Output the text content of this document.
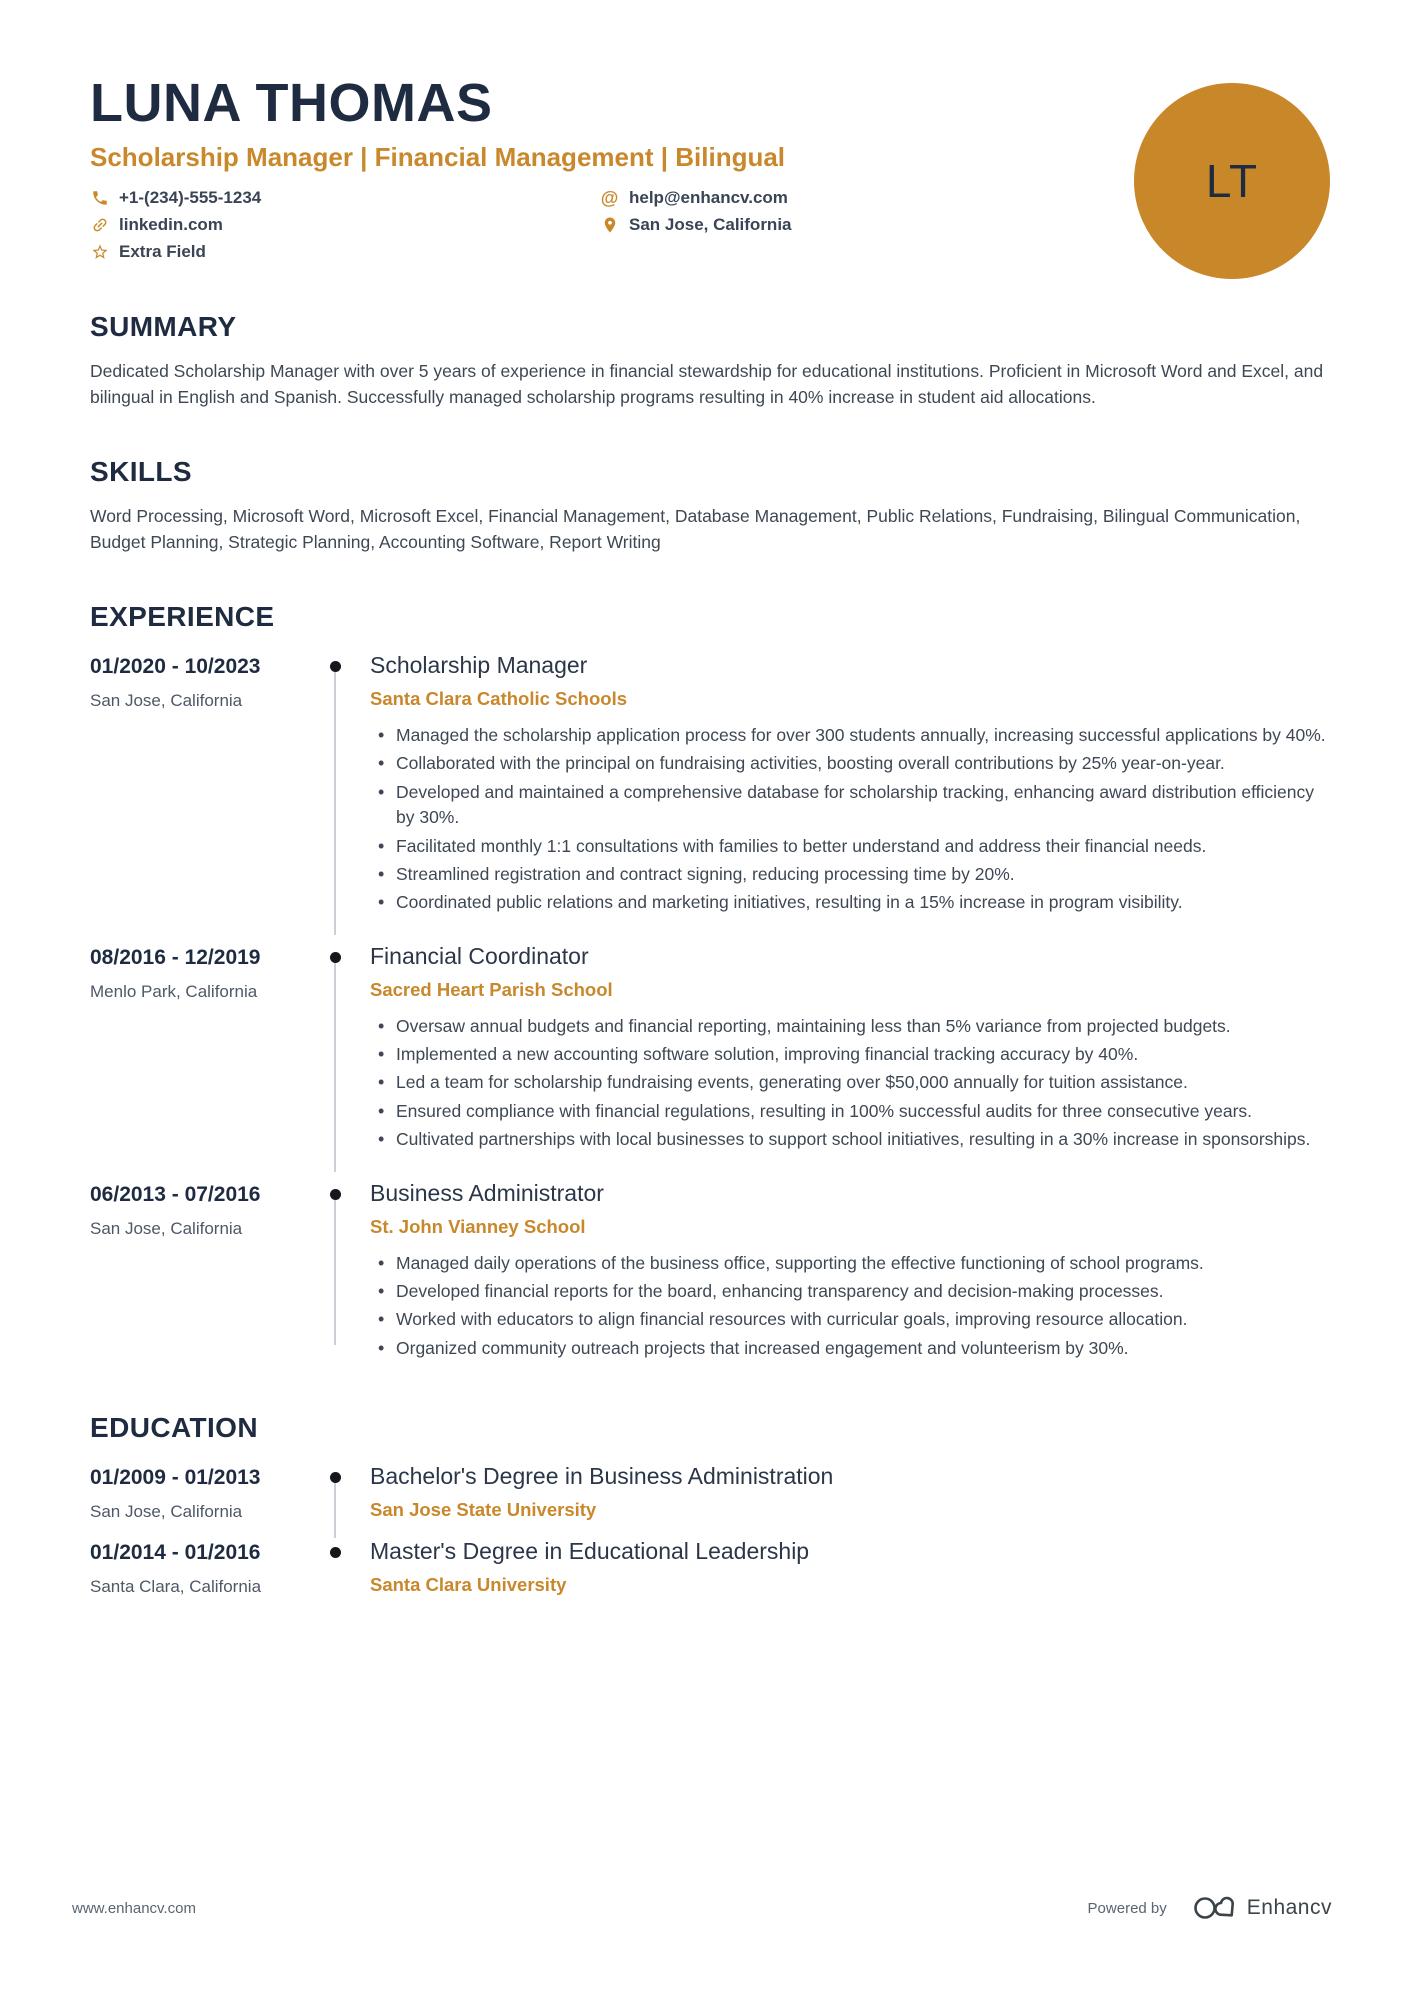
LUNA THOMAS
Scholarship Manager | Financial Management | Bilingual
+1-(234)-555-1234
linkedin.com
Extra Field
@ help@enhancv.com
San Jose, California
LT
SUMMARY

Dedicated Scholarship Manager with over 5 years of experience in financial stewardship for educational institutions. Proficient in Microsoft Word and Excel, and bilingual in English and Spanish. Successfully managed scholarship programs resulting in 40% increase in student aid allocations.

SKILLS

Word Processing, Microsoft Word, Microsoft Excel, Financial Management, Database Management, Public Relations, Fundraising, Bilingual Communication, Budget Planning, Strategic Planning, Accounting Software, Report Writing

EXPERIENCE
01/2020 - 10/2023
San Jose, California
Scholarship Manager
Santa Clara Catholic Schools
• Managed the scholarship application process for over 300 students annually, increasing successful applications by 40%.
• Collaborated with the principal on fundraising activities, boosting overall contributions by 25% year-on-year.
• Developed and maintained a comprehensive database for scholarship tracking, enhancing award distribution efficiency by 30%.
• Facilitated monthly 1:1 consultations with families to better understand and address their financial needs.
• Streamlined registration and contract signing, reducing processing time by 20%.
• Coordinated public relations and marketing initiatives, resulting in a 15% increase in program visibility.
08/2016 - 12/2019
Menlo Park, California
Financial Coordinator
Sacred Heart Parish School
• Oversaw annual budgets and financial reporting, maintaining less than 5% variance from projected budgets.
• Implemented a new accounting software solution, improving financial tracking accuracy by 40%.
• Led a team for scholarship fundraising events, generating over $50,000 annually for tuition assistance.
• Ensured compliance with financial regulations, resulting in 100% successful audits for three consecutive years.
• Cultivated partnerships with local businesses to support school initiatives, resulting in a 30% increase in sponsorships.
06/2013 - 07/2016
San Jose, California
Business Administrator
St. John Vianney School
• Managed daily operations of the business office, supporting the effective functioning of school programs.
• Developed financial reports for the board, enhancing transparency and decision-making processes.
• Worked with educators to align financial resources with curricular goals, improving resource allocation.
• Organized community outreach projects that increased engagement and volunteerism by 30%.
EDUCATION
01/2009 - 01/2013
San Jose, California
Bachelor's Degree in Business Administration
San Jose State University
01/2014 - 01/2016
Santa Clara, California
Master's Degree in Educational Leadership
Santa Clara University
www.enhancv.com	Powered by	Enhancv
